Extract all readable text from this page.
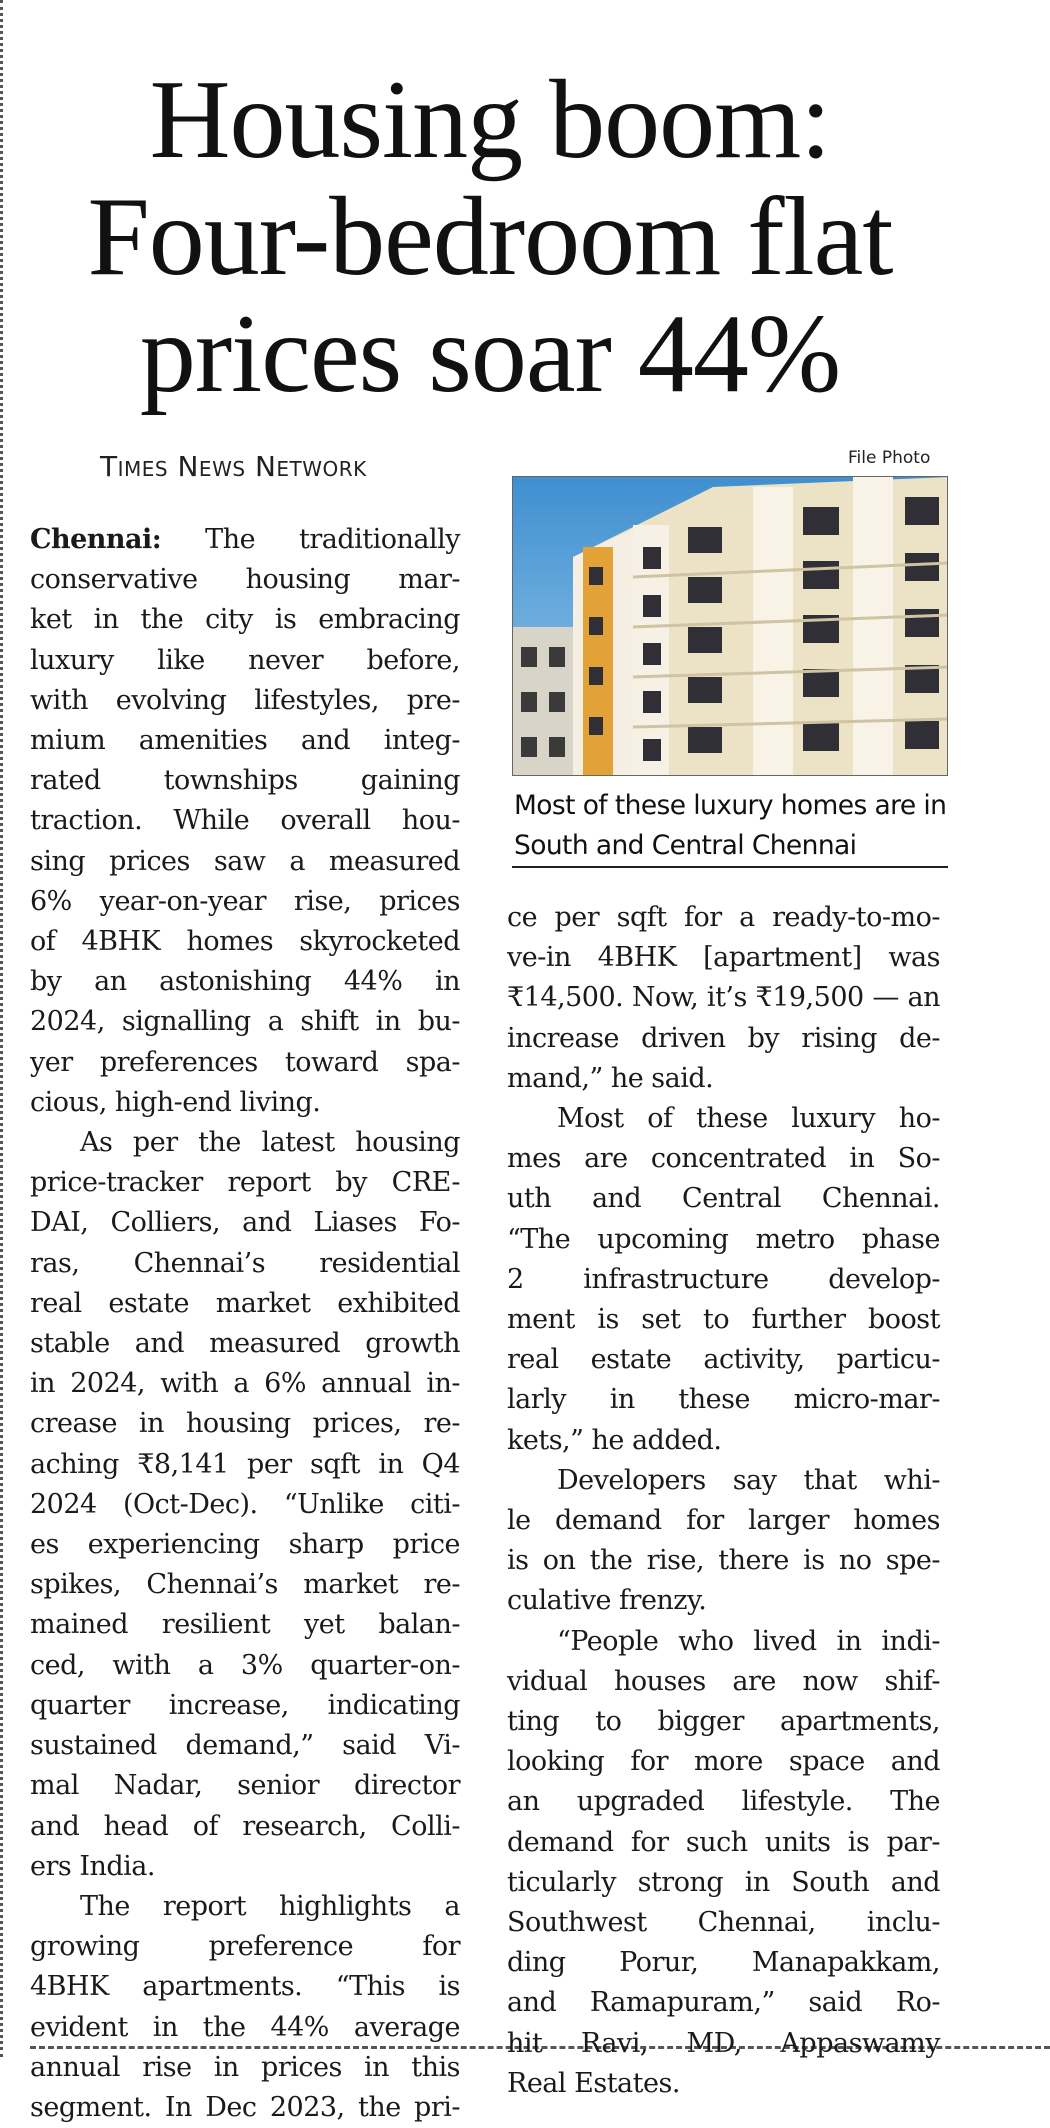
Housing boom:
Four-bedroom flat
prices soar 44%
Times News Network	File Photo

Most of these luxury homes are in South and Central Chennai

Chennai: The traditionally
conservative housing mar-
ket in the city is embracing
luxury like never before,
with evolving lifestyles, pre-
mium amenities and integ-
rated townships gaining
traction. While overall hou-
sing prices saw a measured
6% year-on-year rise, prices
of 4BHK homes skyrocketed
by an astonishing 44% in
2024, signalling a shift in bu-
yer preferences toward spa-
cious, high-end living.
As per the latest housing
price-tracker report by CRE-
DAI, Colliers, and Liases Fo-
ras, Chennai’s residential
real estate market exhibited
stable and measured growth
in 2024, with a 6% annual in-
crease in housing prices, re-
aching ₹8,141 per sqft in Q4
2024 (Oct-Dec). “Unlike citi-
es experiencing sharp price
spikes, Chennai’s market re-
mained resilient yet balan-
ced, with a 3% quarter-on-
quarter increase, indicating
sustained demand,” said Vi-
mal Nadar, senior director
and head of research, Colli-
ers India.
The report highlights a
growing preference for
4BHK apartments. “This is
evident in the 44% average
annual rise in prices in this
segment. In Dec 2023, the pri-
ce per sqft for a ready-to-mo-
ve-in 4BHK [apartment] was
₹14,500. Now, it’s ₹19,500 — an
increase driven by rising de-
mand,” he said.
Most of these luxury ho-
mes are concentrated in So-
uth and Central Chennai.
“The upcoming metro phase
2 infrastructure develop-
ment is set to further boost
real estate activity, particu-
larly in these micro-mar-
kets,” he added.
Developers say that whi-
le demand for larger homes
is on the rise, there is no spe-
culative frenzy.
“People who lived in indi-
vidual houses are now shif-
ting to bigger apartments,
looking for more space and
an upgraded lifestyle. The
demand for such units is par-
ticularly strong in South and
Southwest Chennai, inclu-
ding Porur, Manapakkam,
and Ramapuram,” said Ro-
hit Ravi, MD, Appaswamy
Real Estates.
